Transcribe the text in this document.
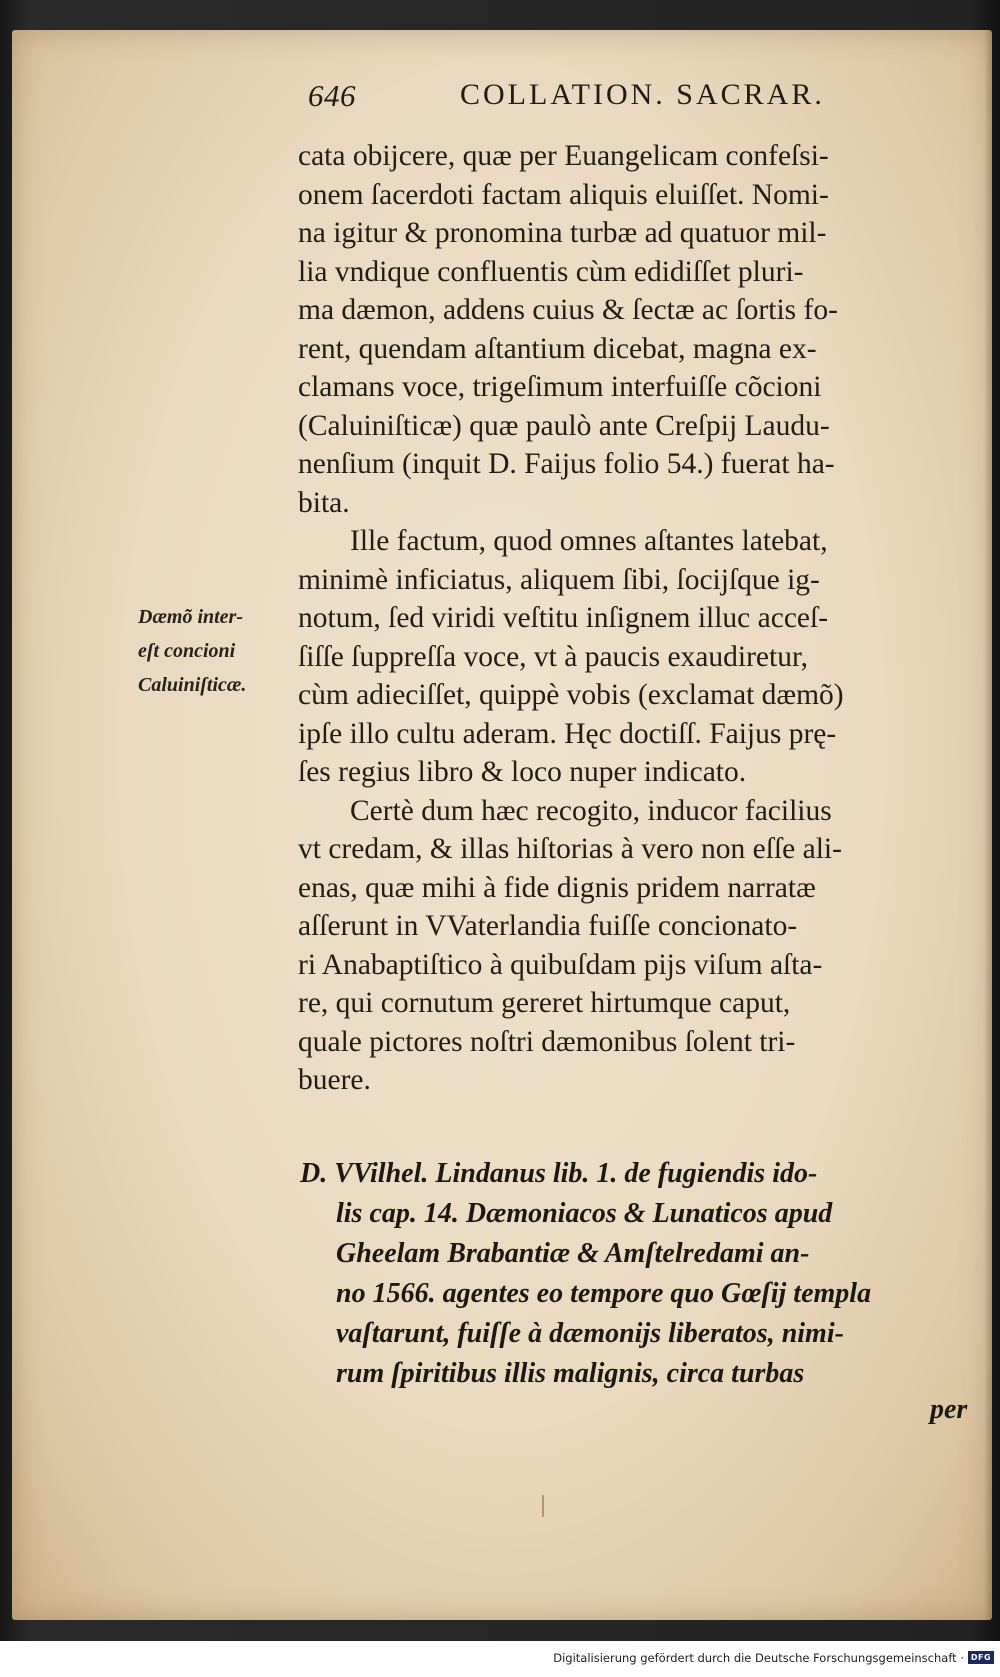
646	COLLATION. SACRAR.
cata obijcere, quæ per Euangelicam confeſsi-
onem ſacerdoti factam aliquis eluiſſet. Nomi-
na igitur & pronomina turbæ ad quatuor mil-
lia vndique confluentis cùm edidiſſet pluri-
ma dæmon, addens cuius & ſectæ ac ſortis fo-
rent, quendam aſtantium dicebat, magna ex-
clamans voce, trigeſimum interfuiſſe cõcioni
(Caluiniſticæ) quæ paulò ante Creſpij Laudu-
nenſium (inquit D. Faijus folio 54.) fuerat ha-
bita.
Ille factum, quod omnes aſtantes latebat,
minimè inficiatus, aliquem ſibi, ſocijſque ig-
notum, ſed viridi veſtitu inſignem illuc acceſ-
ſiſſe ſuppreſſa voce, vt à paucis exaudiretur,
cùm adieciſſet, quippè vobis (exclamat dæmõ)
ipſe illo cultu aderam. Hęc doctiſſ. Faijus prę-
ſes regius libro & loco nuper indicato.
Certè dum hæc recogito, inducor facilius
vt credam, & illas hiſtorias à vero non eſſe ali-
enas, quæ mihi à fide dignis pridem narratæ
aſſerunt in VVaterlandia fuiſſe concionato-
ri Anabaptiſtico à quibuſdam pijs viſum aſta-
re, qui cornutum gereret hirtumque caput,
quale pictores noſtri dæmonibus ſolent tri-
buere.
Dæmõ inter-
eſt concioni
Caluiniſticæ.
D. VVilhel. Lindanus lib. 1. de fugiendis ido-
lis cap. 14. Dæmoniacos & Lunaticos apud
Gheelam Brabantiæ & Amſtelredami an-
no 1566. agentes eo tempore quo Gœſij templa
vaſtarunt, fuiſſe à dæmonijs liberatos, nimi-
rum ſpiritibus illis malignis, circa turbas
per
Digitalisierung gefördert durch die Deutsche Forschungsgemeinschaft · DFG
